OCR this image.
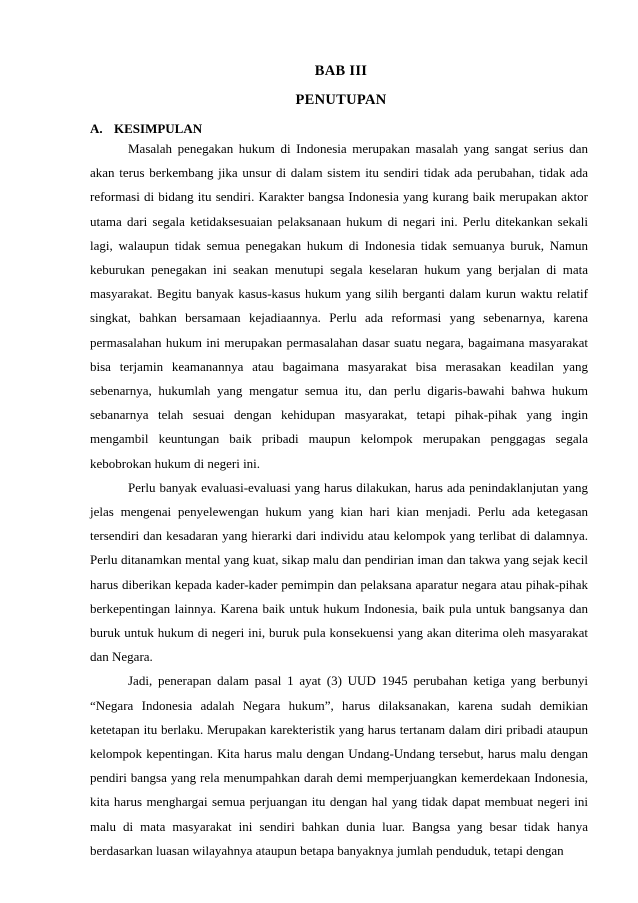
BAB III
PENUTUPAN
A. KESIMPULAN

Masalah penegakan hukum di Indonesia merupakan masalah yang sangat serius dan akan terus berkembang jika unsur di dalam sistem itu sendiri tidak ada perubahan, tidak ada reformasi di bidang itu sendiri. Karakter bangsa Indonesia yang kurang baik merupakan aktor utama dari segala ketidaksesuaian pelaksanaan hukum di negari ini. Perlu ditekankan sekali lagi, walaupun tidak semua penegakan hukum di Indonesia tidak semuanya buruk, Namun keburukan penegakan ini seakan menutupi segala keselaran hukum yang berjalan di mata masyarakat. Begitu banyak kasus-kasus hukum yang silih berganti dalam kurun waktu relatif singkat, bahkan bersamaan kejadiaannya. Perlu ada reformasi yang sebenarnya, karena permasalahan hukum ini merupakan permasalahan dasar suatu negara, bagaimana masyarakat bisa terjamin keamanannya atau bagaimana masyarakat bisa merasakan keadilan yang sebenarnya, hukumlah yang mengatur semua itu, dan perlu digaris-bawahi bahwa hukum sebanarnya telah sesuai dengan kehidupan masyarakat, tetapi pihak-pihak yang ingin mengambil keuntungan baik pribadi maupun kelompok merupakan penggagas segala kebobrokan hukum di negeri ini.

Perlu banyak evaluasi-evaluasi yang harus dilakukan, harus ada penindaklanjutan yang jelas mengenai penyelewengan hukum yang kian hari kian menjadi. Perlu ada ketegasan tersendiri dan kesadaran yang hierarki dari individu atau kelompok yang terlibat di dalamnya. Perlu ditanamkan mental yang kuat, sikap malu dan pendirian iman dan takwa yang sejak kecil harus diberikan kepada kader-kader pemimpin dan pelaksana aparatur negara atau pihak-pihak berkepentingan lainnya. Karena baik untuk hukum Indonesia, baik pula untuk bangsanya dan buruk untuk hukum di negeri ini, buruk pula konsekuensi yang akan diterima oleh masyarakat dan Negara.

Jadi, penerapan dalam pasal 1 ayat (3) UUD 1945 perubahan ketiga yang berbunyi “Negara Indonesia adalah Negara hukum”, harus dilaksanakan, karena sudah demikian ketetapan itu berlaku. Merupakan karekteristik yang harus tertanam dalam diri pribadi ataupun kelompok kepentingan. Kita harus malu dengan Undang-Undang tersebut, harus malu dengan pendiri bangsa yang rela menumpahkan darah demi memperjuangkan kemerdekaan Indonesia, kita harus menghargai semua perjuangan itu dengan hal yang tidak dapat membuat negeri ini malu di mata masyarakat ini sendiri bahkan dunia luar. Bangsa yang besar tidak hanya berdasarkan luasan wilayahnya ataupun betapa banyaknya jumlah penduduk, tetapi dengan
